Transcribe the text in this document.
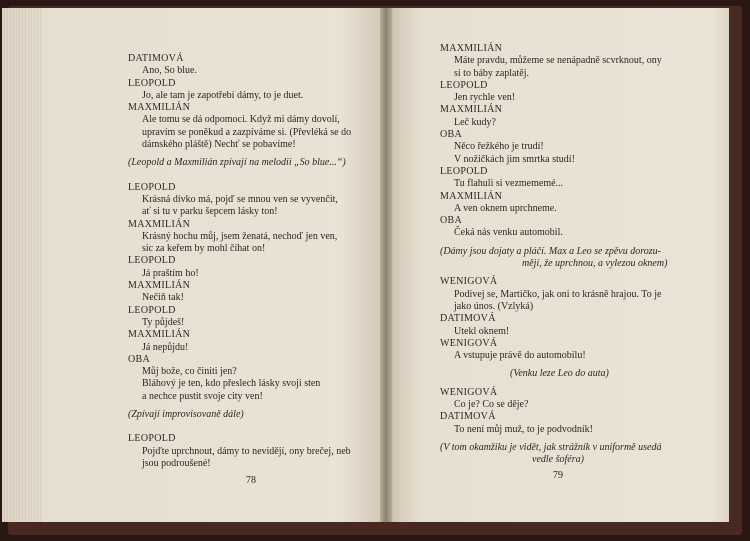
DATIMOVÁ
Ano, So blue.
LEOPOLD
Jo, ale tam je zapotřebí dámy, to je duet.
MAXMILIÁN
Ale tomu se dá odpomoci. Když mi dámy dovolí,
upravím se poněkud a zazpíváme si. (Převléká se do
dámského pláště) Nechť se pobavíme!
(Leopold a Maxmilián zpívají na melodii „So blue...“)
LEOPOLD
Krásná dívko má, pojď se mnou ven se vyvenčit,
ať si tu v parku šepcem lásky ton!
MAXMILIÁN
Krásný hochu můj, jsem ženatá, nechoď jen ven,
sic za keřem by mohl číhat on!
LEOPOLD
Já praštím ho!
MAXMILIÁN
Nečiň tak!
LEOPOLD
Ty půjdeš!
MAXMILIÁN
Já nepůjdu!
OBA
Můj bože, co činiti jen?
Bláhový je ten, kdo přeslech lásky svojí sten
a nechce pustit svoje city ven!
(Zpívají improvisovaně dále)
LEOPOLD
Pojďte uprchnout, dámy to nevidějí, ony brečej, neb
jsou podroušené!
78
MAXMILIÁN
Máte pravdu, můžeme se nenápadně scvrknout, ony
si to báby zaplatěj.
LEOPOLD
Jen rychle ven!
MAXMILIÁN
Leč kudy?
OBA
Něco řežkého je trudí!
V nožičkách jim smrtka studí!
LEOPOLD
Tu flahuli si vezmememé...
MAXMILIÁN
A ven oknem uprchneme.
OBA
Čeká nás venku automobil.
(Dámy jsou dojaty a pláčí. Max a Leo se zpěvu dorozu-
mějí, že uprchnou, a vylezou oknem)
WENIGOVÁ
Podívej se, Martičko, jak oni to krásně hrajou. To je
jako únos. (Vzlyká)
DATIMOVÁ
Utekl oknem!
WENIGOVÁ
A vstupuje právě do automobilu!
(Venku leze Leo do auta)
WENIGOVÁ
Co je? Co se děje?
DATIMOVÁ
To není můj muž, to je podvodník!
(V tom okamžiku je vidět, jak strážník v uniformě usedá
vedle šoféra)
79
